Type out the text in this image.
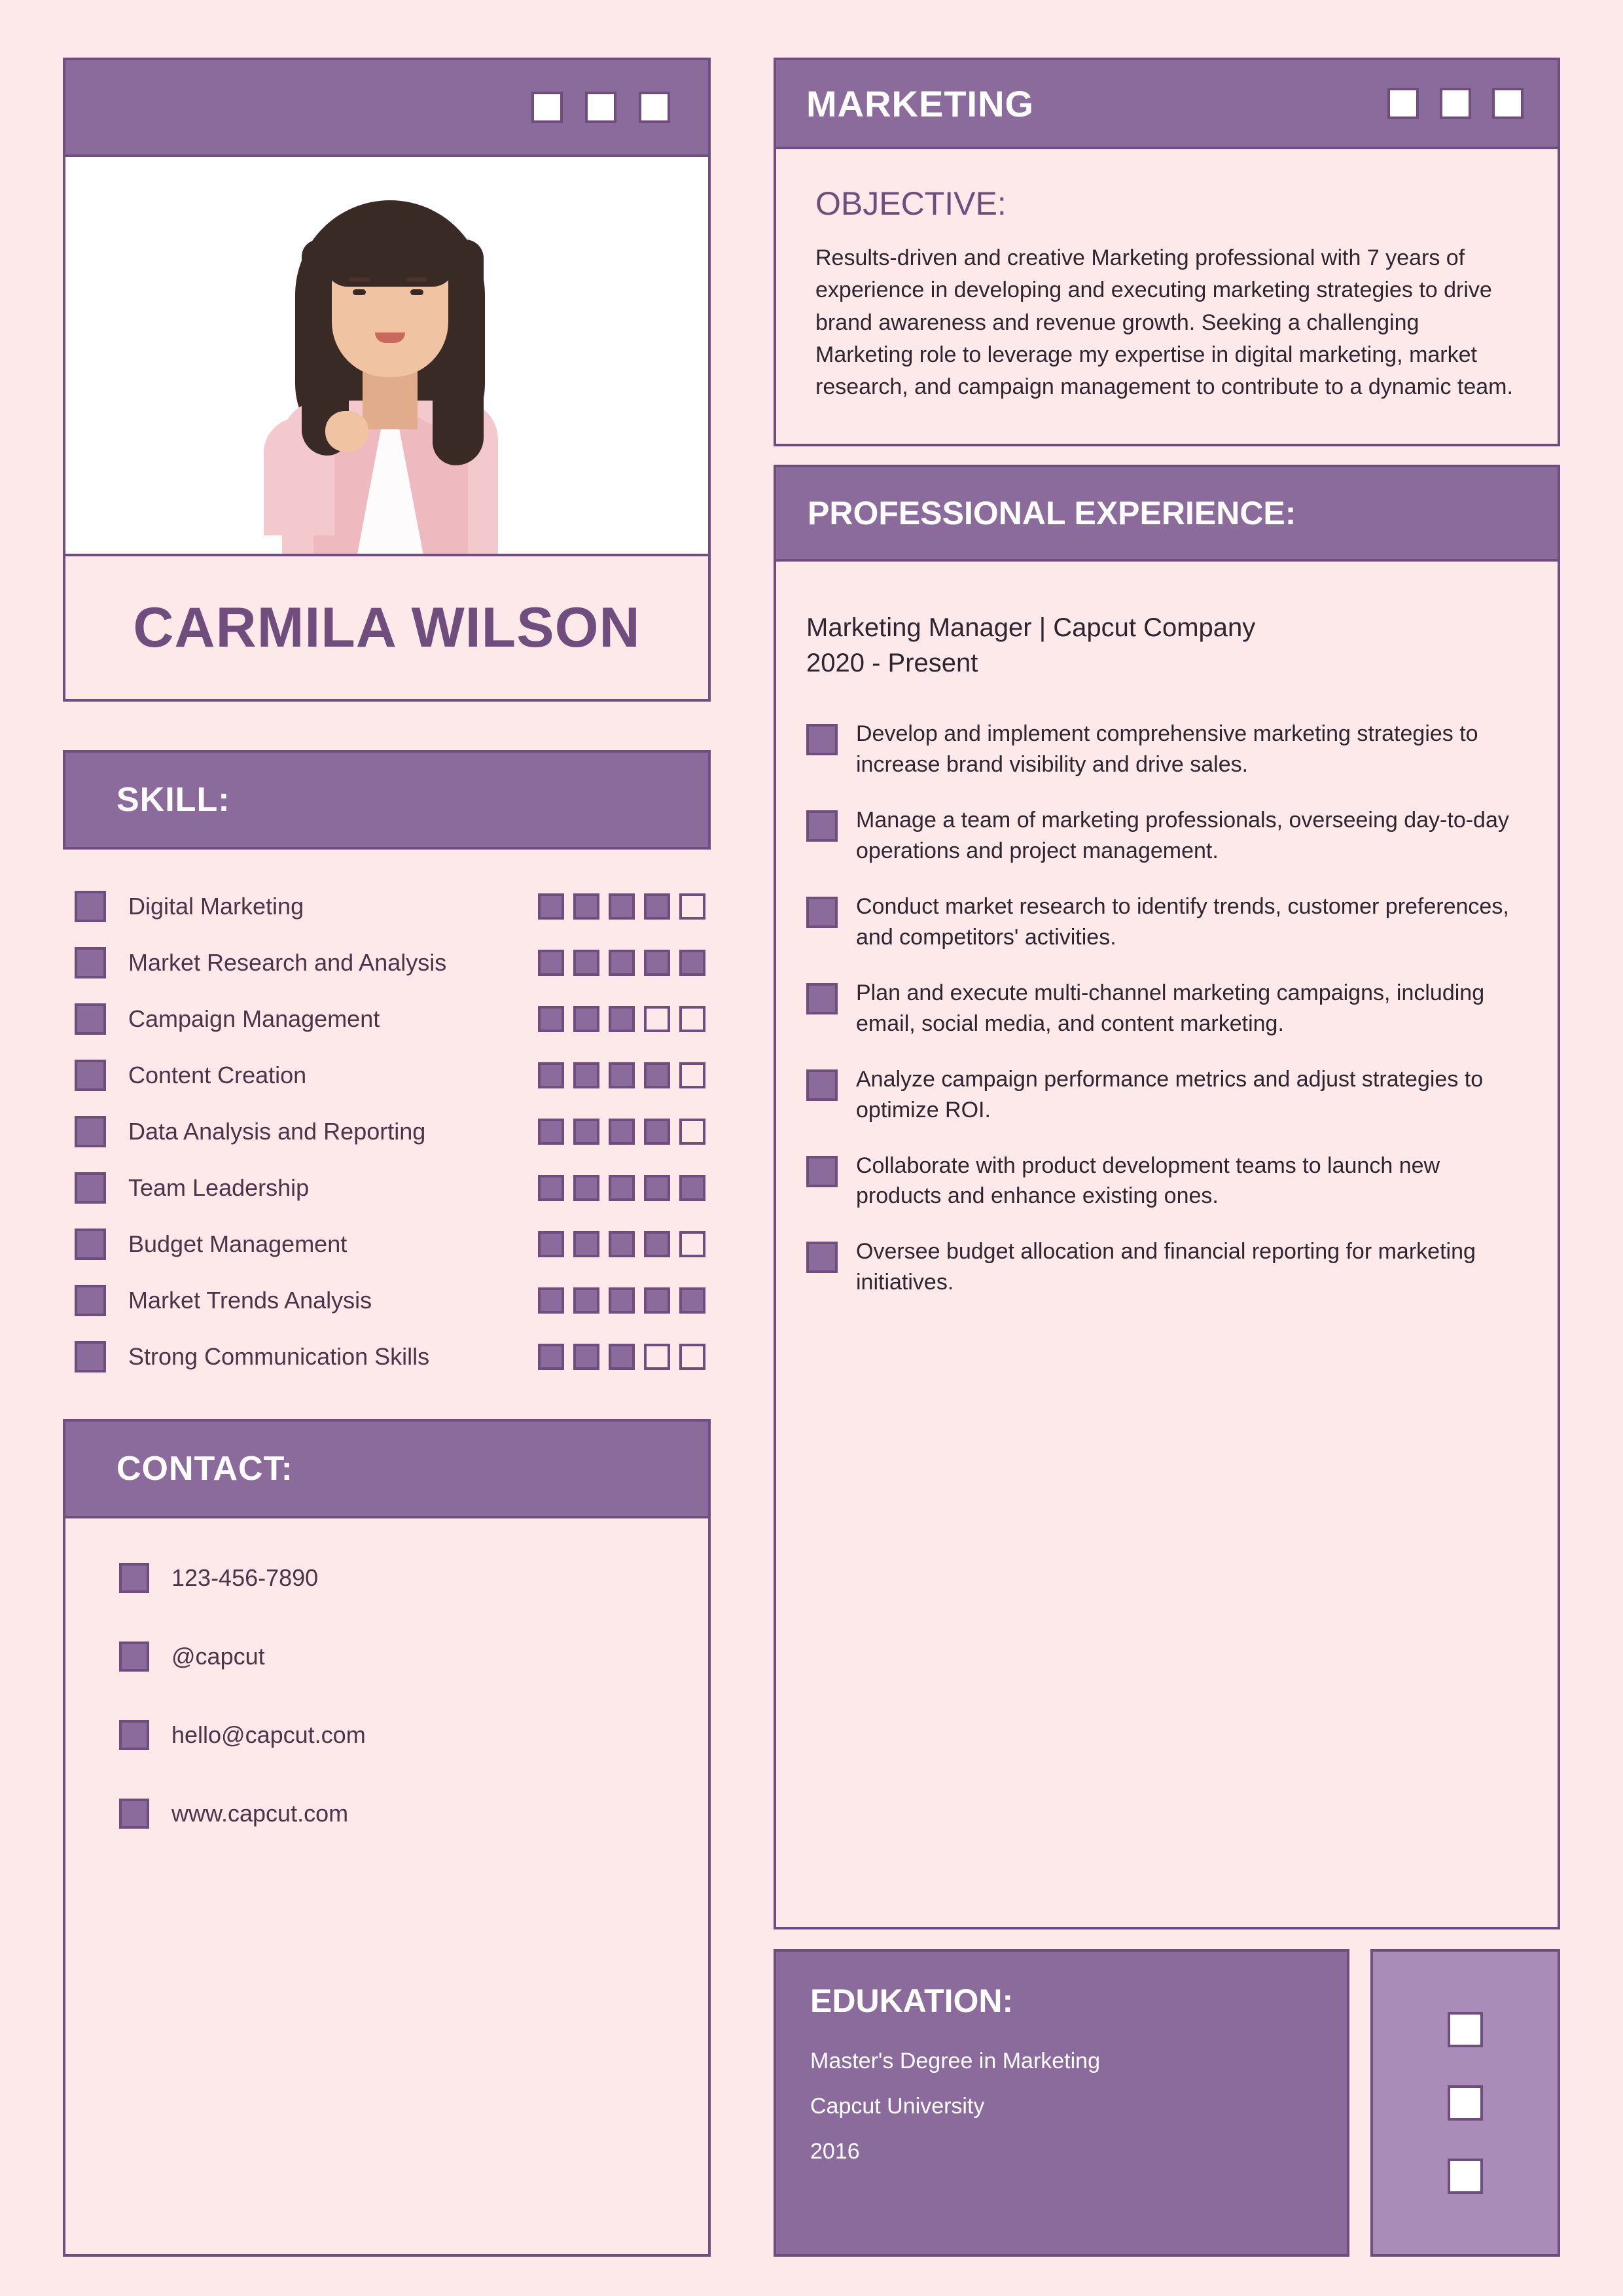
CARMILA WILSON
SKILL:
Digital Marketing
Market Research and Analysis
Campaign Management
Content Creation
Data Analysis and Reporting
Team Leadership
Budget Management
Market Trends Analysis
Strong Communication Skills
CONTACT:
123-456-7890
@capcut
hello@capcut.com
www.capcut.com
MARKETING
OBJECTIVE:
Results-driven and creative Marketing professional with 7 years of experience in developing and executing marketing strategies to drive brand awareness and revenue growth. Seeking a challenging Marketing role to leverage my expertise in digital marketing, market research, and campaign management to contribute to a dynamic team.
PROFESSIONAL EXPERIENCE:
Marketing Manager | Capcut Company
2020 - Present
Develop and implement comprehensive marketing strategies to increase brand visibility and drive sales.
Manage a team of marketing professionals, overseeing day-to-day operations and project management.
Conduct market research to identify trends, customer preferences, and competitors' activities.
Plan and execute multi-channel marketing campaigns, including email, social media, and content marketing.
Analyze campaign performance metrics and adjust strategies to optimize ROI.
Collaborate with product development teams to launch new products and enhance existing ones.
Oversee budget allocation and financial reporting for marketing initiatives.
EDUKATION:
Master's Degree in Marketing
Capcut University
2016
